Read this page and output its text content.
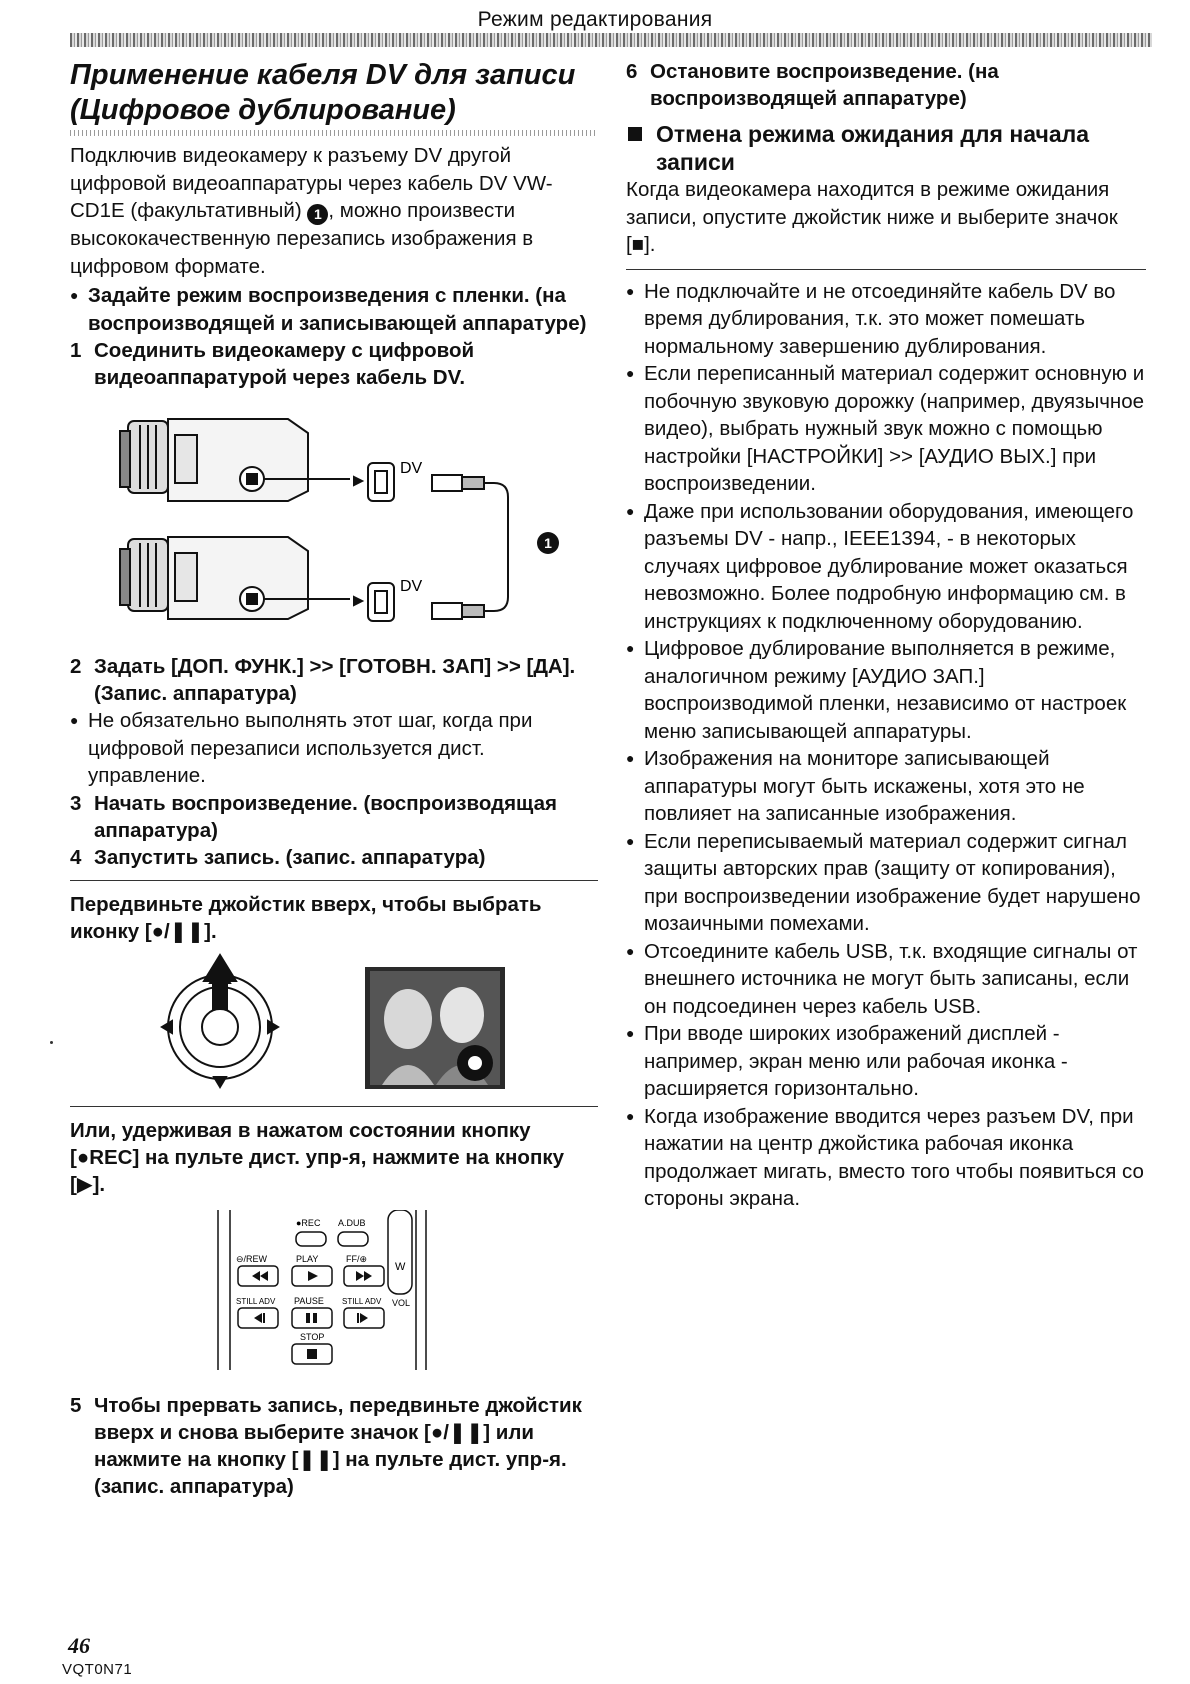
Режим редактирования
Применение кабеля DV для записи (Цифровое дублирование)

Подключив видеокамеру к разъему DV другой цифровой видеоаппаратуры через кабель DV VW-CD1E (факультативный) 1 , можно произвести высококачественную перезапись изображения в цифровом формате.

● Задайте режим воспроизведения с пленки. (на воспроизводящей и записывающей аппаратуре)
1 Соединить видеокамеру с цифровой видеоаппаратурой через кабель DV.
DV
DV
1
2 Задать [ДОП. ФУНК.] >> [ГОТОВН. ЗАП] >> [ДА]. (Запис. аппаратура)
● Не обязательно выполнять этот шаг, когда при цифровой перезаписи используется дист. управление.
3 Начать воспроизведение. (воспроизводящая аппаратура)
4 Запустить запись. (запис. аппаратура)

Передвиньте джойстик вверх, чтобы выбрать иконку [●/❚❚].

Или, удерживая в нажатом состоянии кнопку [●REC] на пульте дист. упр-я, нажмите на кнопку [▶].

●REC A.DUB
⊖/REW	PLAY	FF/⊕
STILL ADV PAUSE STILL ADV
STOP
W
VOL
5 Чтобы прервать запись, передвиньте джойстик вверх и снова выберите значок [●/❚❚] или нажмите на кнопку [❚❚] на пульте дист. упр-я. (запис. аппаратура)
6 Остановите воспроизведение. (на воспроизводящей аппаратуре)
Отмена режима ожидания для начала записи

Когда видеокамера находится в режиме ожидания записи, опустите джойстик ниже и выберите значок [■].

● Не подключайте и не отсоединяйте кабель DV во время дублирования, т.к. это может помешать нормальному завершению дублирования.
● Если переписанный материал содержит основную и побочную звуковую дорожку (например, двуязычное видео), выбрать нужный звук можно с помощью настройки [НАСТРОЙКИ] >> [АУДИО ВЫХ.] при воспроизведении.
● Даже при использовании оборудования, имеющего разъемы DV - напр., IEEE1394, - в некоторых случаях цифровое дублирование может оказаться невозможно. Более подробную информацию см. в инструкциях к подключенному оборудованию.
● Цифровое дублирование выполняется в режиме, аналогичном режиму [АУДИО ЗАП.] воспроизводимой пленки, независимо от настроек меню записывающей аппаратуры.
● Изображения на мониторе записывающей аппаратуры могут быть искажены, хотя это не повлияет на записанные изображения.
● Если переписываемый материал содержит сигнал защиты авторских прав (защиту от копирования), при воспроизведении изображение будет нарушено мозаичными помехами.
● Отсоедините кабель USB, т.к. входящие сигналы от внешнего источника не могут быть записаны, если он подсоединен через кабель USB.
● При вводе широких изображений дисплей - например, экран меню или рабочая иконка - расширяется горизонтально.
● Когда изображение вводится через разъем DV, при нажатии на центр джойстика рабочая иконка продолжает мигать, вместо того чтобы появиться со стороны экрана.
46
VQT0N71
